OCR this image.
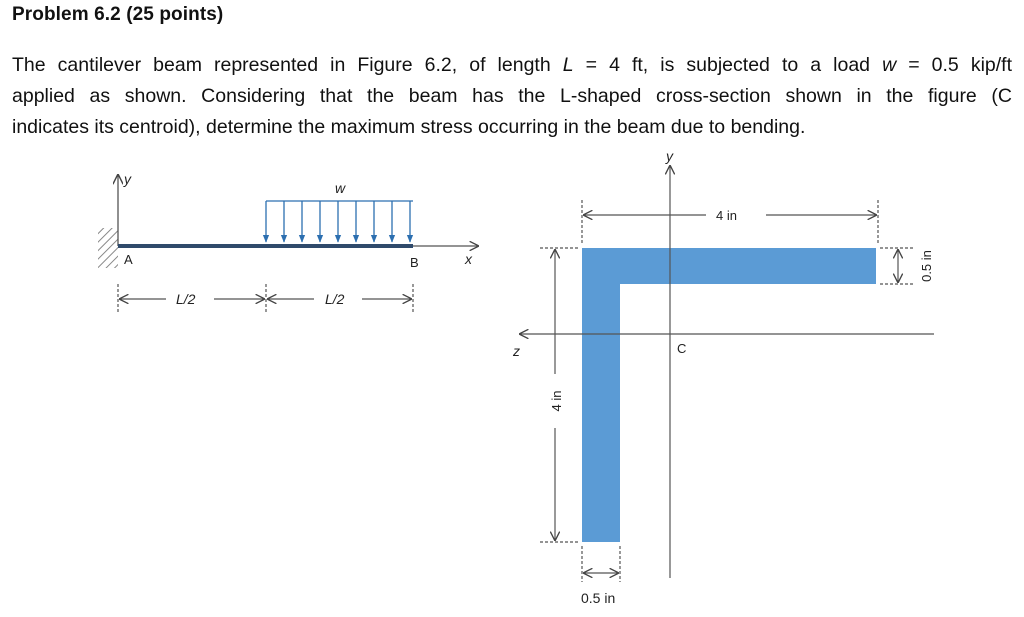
Problem 6.2 (25 points)
The cantilever beam represented in Figure 6.2, of length L = 4 ft, is subjected to a load w = 0.5 kip/ft
applied as shown. Considering that the beam has the L-shaped cross-section shown in the figure (C
indicates its centroid), determine the maximum stress occurring in the beam due to bending.
y
x
A	B
w
L/2	L/2
y
z	C
4 in
0.5 in
4 in
0.5 in
